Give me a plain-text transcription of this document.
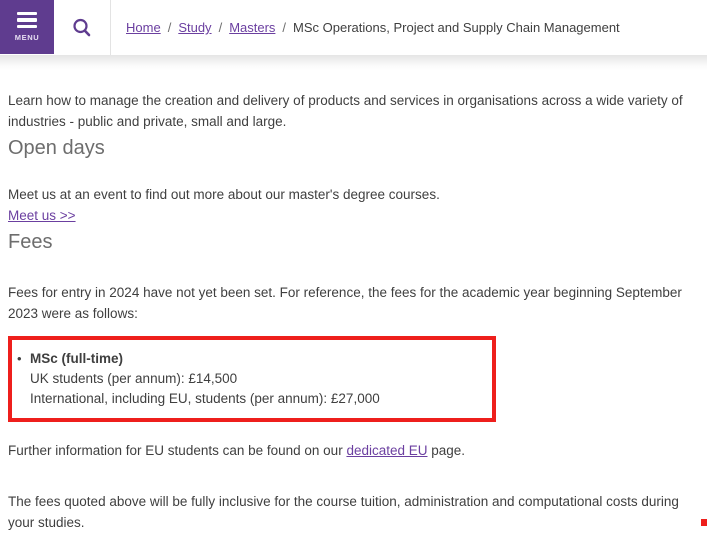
MENU
Home / Study / Masters / MSc Operations, Project and Supply Chain Management

Learn how to manage the creation and delivery of products and services in organisations across a wide variety of industries - public and private, small and large.

Open days

Meet us at an event to find out more about our master's degree courses.

Meet us >>
Fees

Fees for entry in 2024 have not yet been set. For reference, the fees for the academic year beginning September 2023 were as follows:

• MSc (full-time)
UK students (per annum): £14,500
International, including EU, students (per annum): £27,000

Further information for EU students can be found on our dedicated EU page.

The fees quoted above will be fully inclusive for the course tuition, administration and computational costs during your studies.
